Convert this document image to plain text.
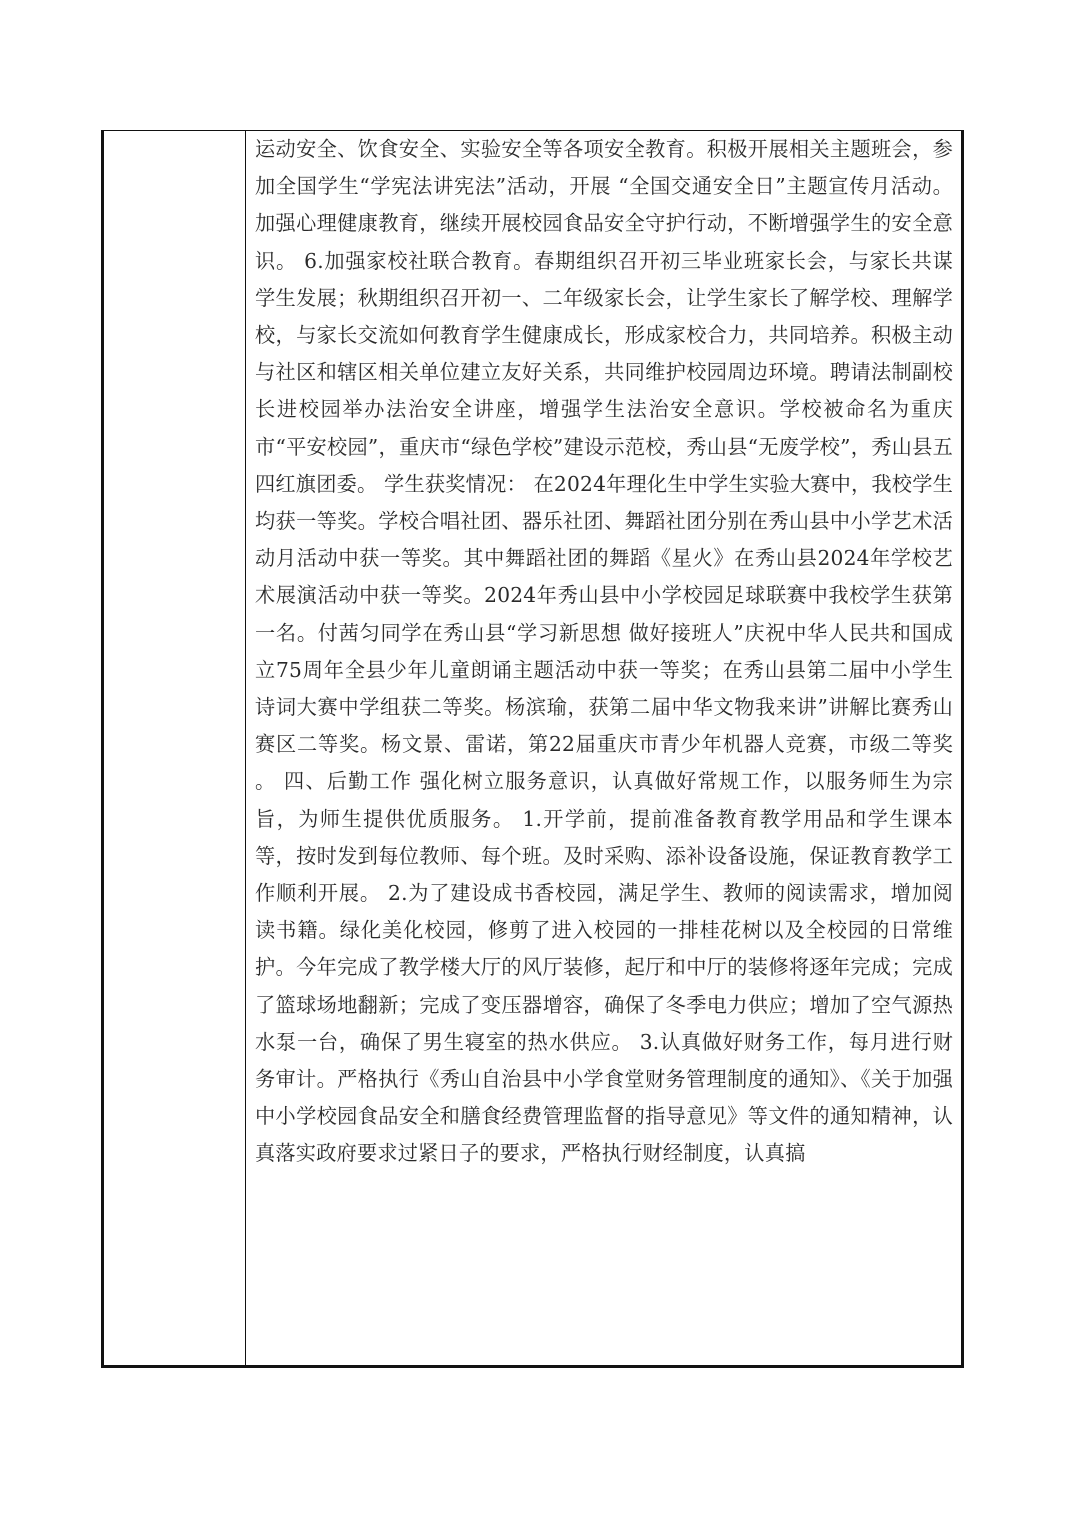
运动安全、饮食安全、实验安全等各项安全教育。积极开展相关主题班会，参加全国学生“学宪法讲宪法”活动，开展 “全国交通安全日”主题宣传月活动。加强心理健康教育，继续开展校园食品安全守护行动，不断增强学生的安全意识。 6.加强家校社联合教育。春期组织召开初三毕业班家长会，与家长共谋学生发展；秋期组织召开初一、二年级家长会，让学生家长了解学校、理解学校，与家长交流如何教育学生健康成长，形成家校合力，共同培养。积极主动与社区和辖区相关单位建立友好关系，共同维护校园周边环境。聘请法制副校长进校园举办法治安全讲座，增强学生法治安全意识。学校被命名为重庆市“平安校园”，重庆市“绿色学校”建设示范校，秀山县“无废学校”，秀山县五四红旗团委。 学生获奖情况： 在2024年理化生中学生实验大赛中，我校学生均获一等奖。学校合唱社团、器乐社团、舞蹈社团分别在秀山县中小学艺术活动月活动中获一等奖。其中舞蹈社团的舞蹈《星火》在秀山县2024年学校艺术展演活动中获一等奖。2024年秀山县中小学校园足球联赛中我校学生获第一名。付茜匀同学在秀山县“学习新思想 做好接班人”庆祝中华人民共和国成立75周年全县少年儿童朗诵主题活动中获一等奖；在秀山县第二届中小学生诗词大赛中学组获二等奖。杨滨瑜，获第二届中华文物我来讲”讲解比赛秀山赛区二等奖。杨文景、雷诺，第22届重庆市青少年机器人竞赛，市级二等奖 。 四、后勤工作 强化树立服务意识，认真做好常规工作，以服务师生为宗旨，为师生提供优质服务。 1.开学前，提前准备教育教学用品和学生课本等，按时发到每位教师、每个班。及时采购、添补设备设施，保证教育教学工作顺利开展。 2.为了建设成书香校园，满足学生、教师的阅读需求，增加阅读书籍。绿化美化校园，修剪了进入校园的一排桂花树以及全校园的日常维护。今年完成了教学楼大厅的风厅装修，起厅和中厅的装修将逐年完成；完成了篮球场地翻新；完成了变压器增容，确保了冬季电力供应；增加了空气源热水泵一台，确保了男生寝室的热水供应。 3.认真做好财务工作，每月进行财务审计。严格执行《秀山自治县中小学食堂财务管理制度的通知》、《关于加强中小学校园食品安全和膳食经费管理监督的指导意见》等文件的通知精神，认真落实政府要求过紧日子的要求，严格执行财经制度，认真搞
